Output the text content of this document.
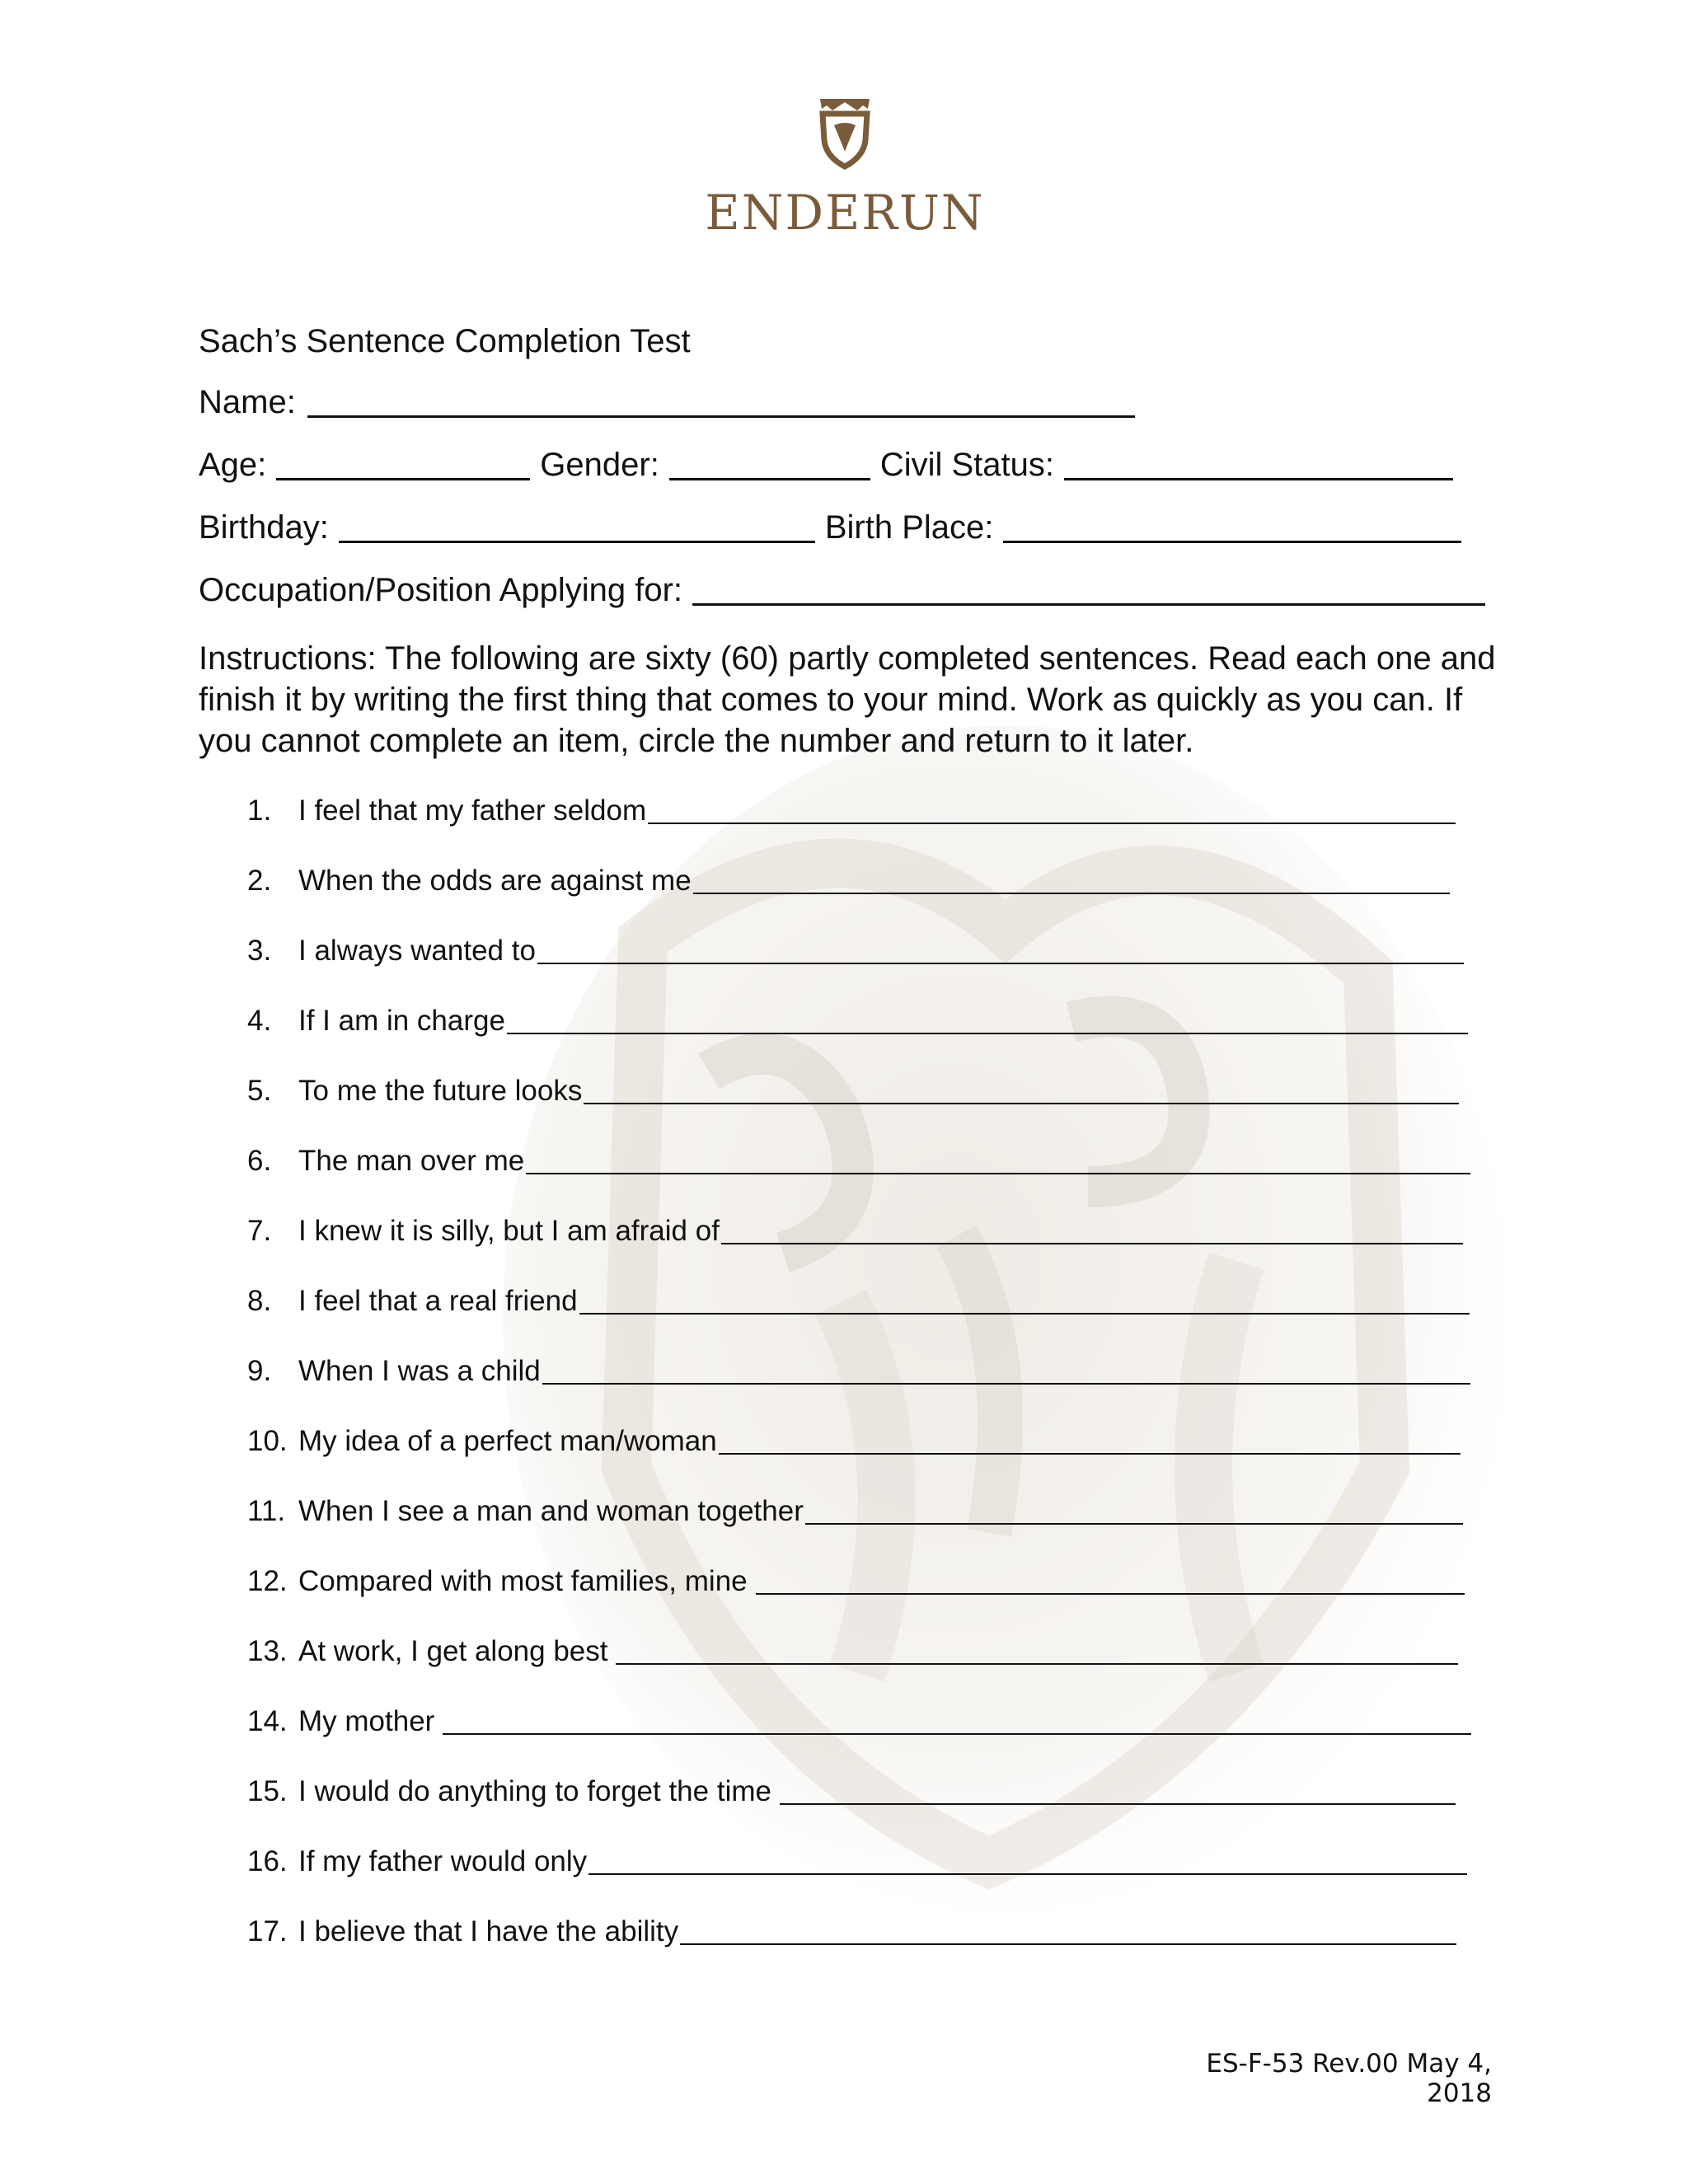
ENDERUN
Sach’s Sentence Completion Test
Name:
Age:	Gender:	Civil Status:
Birthday:	Birth Place:
Occupation/Position Applying for:
Instructions: The following are sixty (60) partly completed sentences. Read each one and finish it by writing the first thing that comes to your mind. Work as quickly as you can. If you cannot complete an item, circle the number and return to it later.
1. I feel that my father seldom
2. When the odds are against me
3. I always wanted to
4. If I am in charge
5. To me the future looks
6. The man over me
7. I knew it is silly, but I am afraid of
8. I feel that a real friend
9. When I was a child
10. My idea of a perfect man/woman
11. When I see a man and woman together
12. Compared with most families, mine
13. At work, I get along best
14. My mother
15. I would do anything to forget the time
16. If my father would only
17. I believe that I have the ability
ES-F-53 Rev.00 May 4, 2018
